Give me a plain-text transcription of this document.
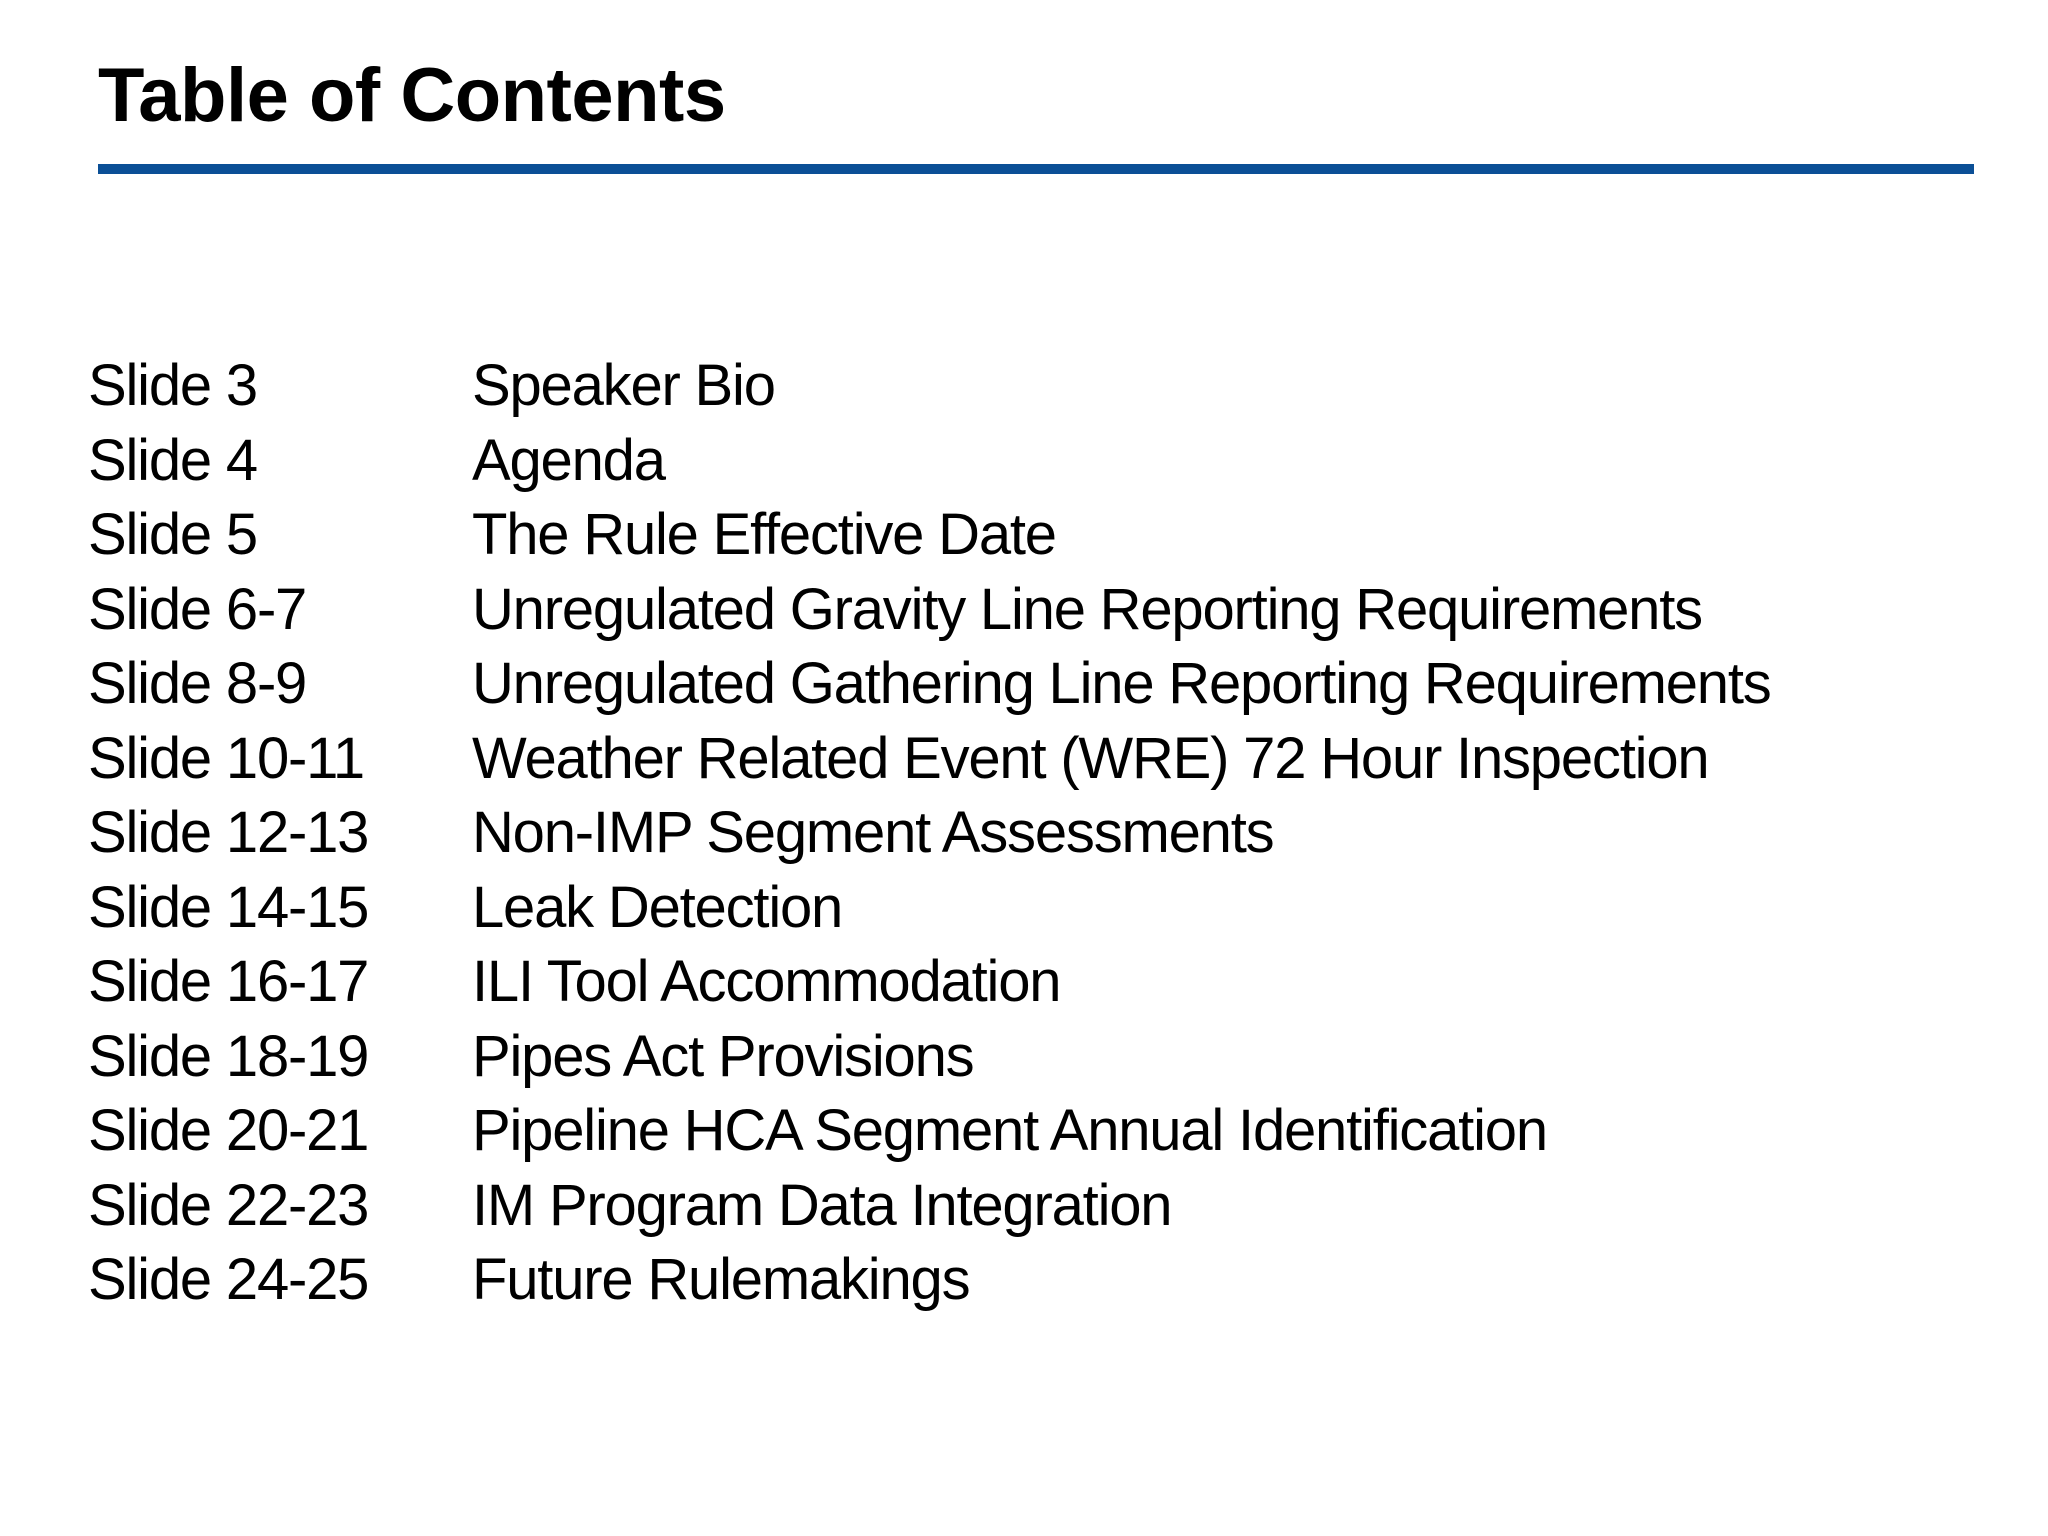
Table of Contents
Slide 3	Speaker Bio
Slide 4	Agenda
Slide 5	The Rule Effective Date
Slide 6-7	Unregulated Gravity Line Reporting Requirements
Slide 8-9	Unregulated Gathering Line Reporting Requirements
Slide 10-11	Weather Related Event (WRE) 72 Hour Inspection
Slide 12-13	Non-IMP Segment Assessments
Slide 14-15	Leak Detection
Slide 16-17	ILI Tool Accommodation
Slide 18-19	Pipes Act Provisions
Slide 20-21	Pipeline HCA Segment Annual Identification
Slide 22-23	IM Program Data Integration
Slide 24-25	Future Rulemakings
